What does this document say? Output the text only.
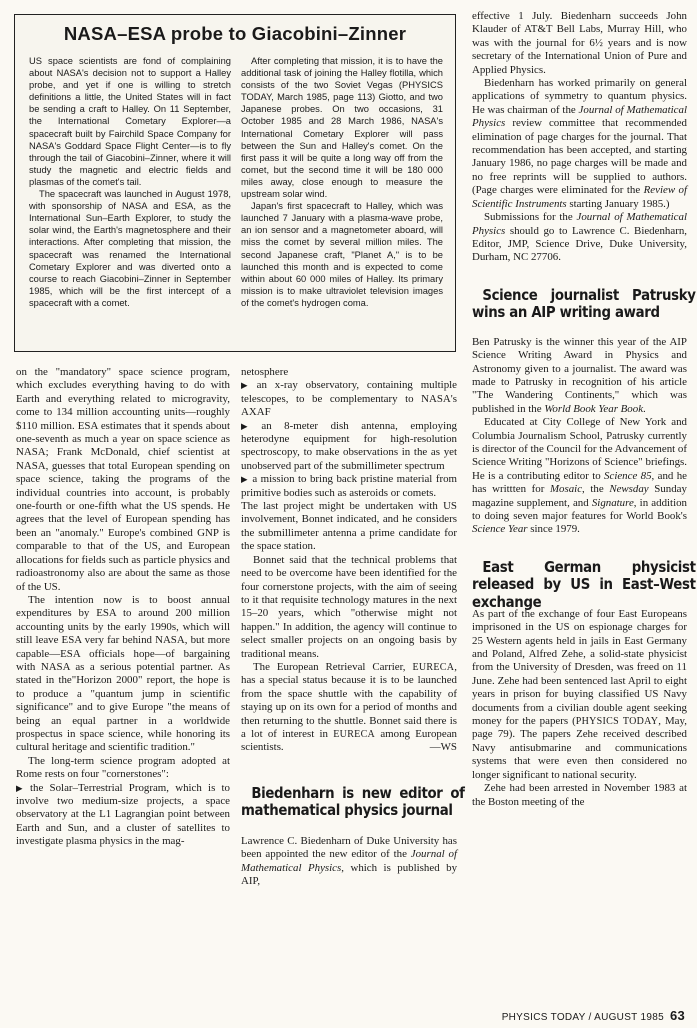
NASA–ESA probe to Giacobini–Zinner

US space scientists are fond of complaining about NASA's decision not to support a Halley probe, and yet if one is willing to stretch definitions a little, the United States will in fact be sending a craft to Halley. On 11 September, the International Cometary Explorer—a spacecraft built by Fairchild Space Company for NASA's Goddard Space Flight Center—is to fly through the tail of Giacobini–Zinner, where it will study the magnetic and electric fields and plasmas of the comet's tail.

The spacecraft was launched in August 1978, with sponsorship of NASA and ESA, as the International Sun–Earth Explorer, to study the solar wind, the Earth's magnetosphere and their interactions. After completing that mission, the spacecraft was renamed the International Cometary Explorer and was diverted onto a course to reach Giacobini–Zinner in September 1985, which will be the first intercept of a spacecraft with a comet.

After completing that mission, it is to have the additional task of joining the Halley flotilla, which consists of the two Soviet Vegas (PHYSICS TODAY, March 1985, page 113) Giotto, and two Japanese probes. On two occasions, 31 October 1985 and 28 March 1986, NASA's International Cometary Explorer will pass between the Sun and Halley's comet. On the first pass it will be quite a long way off from the comet, but the second time it will be 180 000 miles away, close enough to measure the upstream solar wind.

Japan's first spacecraft to Halley, which was launched 7 January with a plasma-wave probe, an ion sensor and a magnetometer aboard, will miss the comet by several million miles. The second Japanese craft, "Planet A," is to be launched this month and is expected to come within about 60 000 miles of Halley. Its primary mission is to make ultraviolet television images of the comet's hydrogen coma.

on the "mandatory" space science program, which excludes everything having to do with Earth and everything related to microgravity, come to 134 million accounting units—roughly $110 million. ESA estimates that it spends about one-seventh as much a year on space science as NASA; Frank McDonald, chief scientist at NASA, guesses that total European spending on space science, taking the programs of the individual countries into account, is probably one-fourth or one-fifth what the US spends. He agrees that the level of European spending has been an "anomaly." Europe's combined GNP is comparable to that of the US, and European allocations for fields such as particle physics and radioastronomy also are about the same as those of the US.

The intention now is to boost annual expenditures by ESA to around 200 million accounting units by the early 1990s, which will still leave ESA very far behind NASA, but more capable—ESA officials hope—of bargaining with NASA as a serious potential partner. As stated in the"Horizon 2000" report, the hope is to produce a "quantum jump in scientific significance" and to give Europe "the means of being an equal partner in a worldwide prospectus in space science, while honoring its cultural heritage and scientific tradition."

The long-term science program adopted at Rome rests on four "cornerstones":

▶ the Solar–Terrestrial Program, which is to involve two medium-size projects, a space observatory at the L1 Lagrangian point between Earth and Sun, and a cluster of satellites to investigate plasma physics in the mag-

netosphere

▶ an x-ray observatory, containing multiple telescopes, to be complementary to NASA's AXAF

▶ an 8-meter dish antenna, employing heterodyne equipment for high-resolution spectroscopy, to make observations in the as yet unobserved part of the submillimeter spectrum

▶ a mission to bring back pristine material from primitive bodies such as asteroids or comets.

The last project might be undertaken with US involvement, Bonnet indicated, and he considers the submillimeter antenna a prime candidate for the space station.

Bonnet said that the technical problems that need to be overcome have been identified for the four cornerstone projects, with the aim of seeing to it that requisite technology matures in the next 15–20 years, which "otherwise might not happen." In addition, the agency will continue to select smaller projects on an ongoing basis by traditional means.

The European Retrieval Carrier, EURECA, has a special status because it is to be launched from the space shuttle with the capability of staying up on its own for a period of months and then returning to the shuttle. Bonnet said there is a lot of interest in EURECA among European scientists.	—WS

Biedenharn is new editor of mathematical physics journal

Lawrence C. Biedenharn of Duke University has been appointed the new editor of the Journal of Mathematical Physics, which is published by AIP,

effective 1 July. Biedenharn succeeds John Klauder of AT&T Bell Labs, Murray Hill, who was with the journal for 6½ years and is now secretary of the International Union of Pure and Applied Physics.

Biedenharn has worked primarily on general applications of symmetry to quantum physics. He was chairman of the Journal of Mathematical Physics review committee that recommended elimination of page charges for the journal. That recommendation has been accepted, and starting January 1986, no page charges will be made and no free reprints will be supplied to authors. (Page charges were eliminated for the Review of Scientific Instruments starting January 1985.)

Submissions for the Journal of Mathematical Physics should go to Lawrence C. Biedenharn, Editor, JMP, Science Drive, Duke University, Durham, NC 27706.

Science journalist Patrusky wins an AIP writing award

Ben Patrusky is the winner this year of the AIP Science Writing Award in Physics and Astronomy given to a journalist. The award was made to Patrusky in recognition of his article "The Wandering Continents," which was published in the World Book Year Book.

Educated at City College of New York and Columbia Journalism School, Patrusky currently is director of the Council for the Advancement of Science Writing "Horizons of Science" briefings. He is a contributing editor to Science 85, and he has writtten for Mosaic, the Newsday Sunday magazine supplement, and Signature, in addition to doing seven major features for World Book's Science Year since 1979.

East German physicist released by US in East–West exchange

As part of the exchange of four East Europeans imprisoned in the US on espionage charges for 25 Western agents held in jails in East Germany and Poland, Alfred Zehe, a solid-state physicist from the University of Dresden, was freed on 11 June. Zehe had been sentenced last April to eight years in prison for buying classified US Navy documents from a civilian double agent seeking money for the papers (PHYSICS TODAY, May, page 79). The papers Zehe received described Navy antisubmarine and communications systems that were even then considered no longer significant to national security.

Zehe had been arrested in November 1983 at the Boston meeting of the

PHYSICS TODAY / AUGUST 1985 63
